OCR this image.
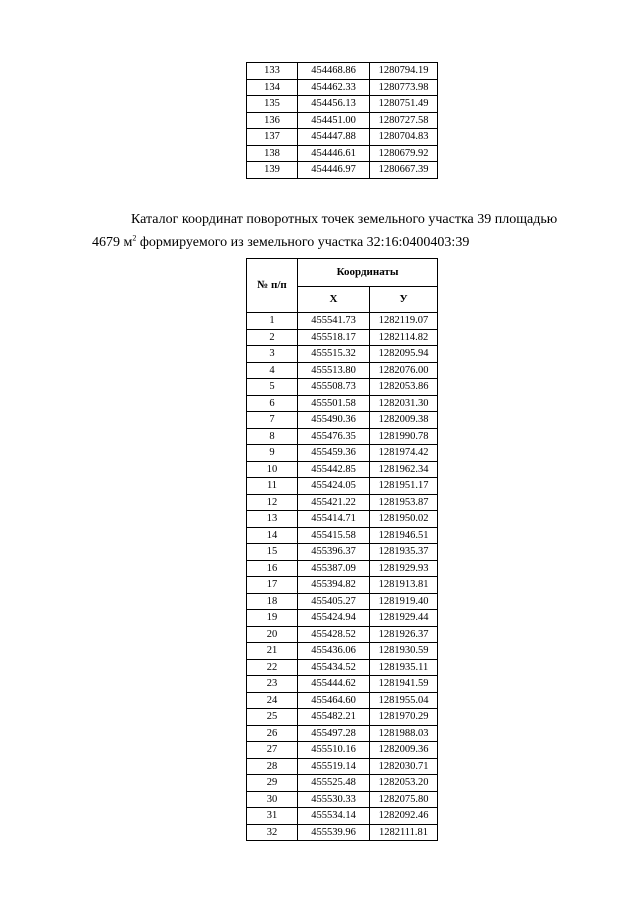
133	454468.86	1280794.19
134	454462.33	1280773.98
135	454456.13	1280751.49
136	454451.00	1280727.58
137	454447.88	1280704.83
138	454446.61	1280679.92
139	454446.97	1280667.39
Каталог координат поворотных точек земельного участка 39 площадью
4679 $м^2$ формируемого из земельного участка 32:16:0400403:39
№ п/п	Координаты	
	Х	У
1	455541.73	1282119.07
2	455518.17	1282114.82
3	455515.32	1282095.94
4	455513.80	1282076.00
5	455508.73	1282053.86
6	455501.58	1282031.30
7	455490.36	1282009.38
8	455476.35	1281990.78
9	455459.36	1281974.42
10	455442.85	1281962.34
11	455424.05	1281951.17
12	455421.22	1281953.87
13	455414.71	1281950.02
14	455415.58	1281946.51
15	455396.37	1281935.37
16	455387.09	1281929.93
17	455394.82	1281913.81
18	455405.27	1281919.40
19	455424.94	1281929.44
20	455428.52	1281926.37
21	455436.06	1281930.59
22	455434.52	1281935.11
23	455444.62	1281941.59
24	455464.60	1281955.04
25	455482.21	1281970.29
26	455497.28	1281988.03
27	455510.16	1282009.36
28	455519.14	1282030.71
29	455525.48	1282053.20
30	455530.33	1282075.80
31	455534.14	1282092.46
32	455539.96	1282111.81
